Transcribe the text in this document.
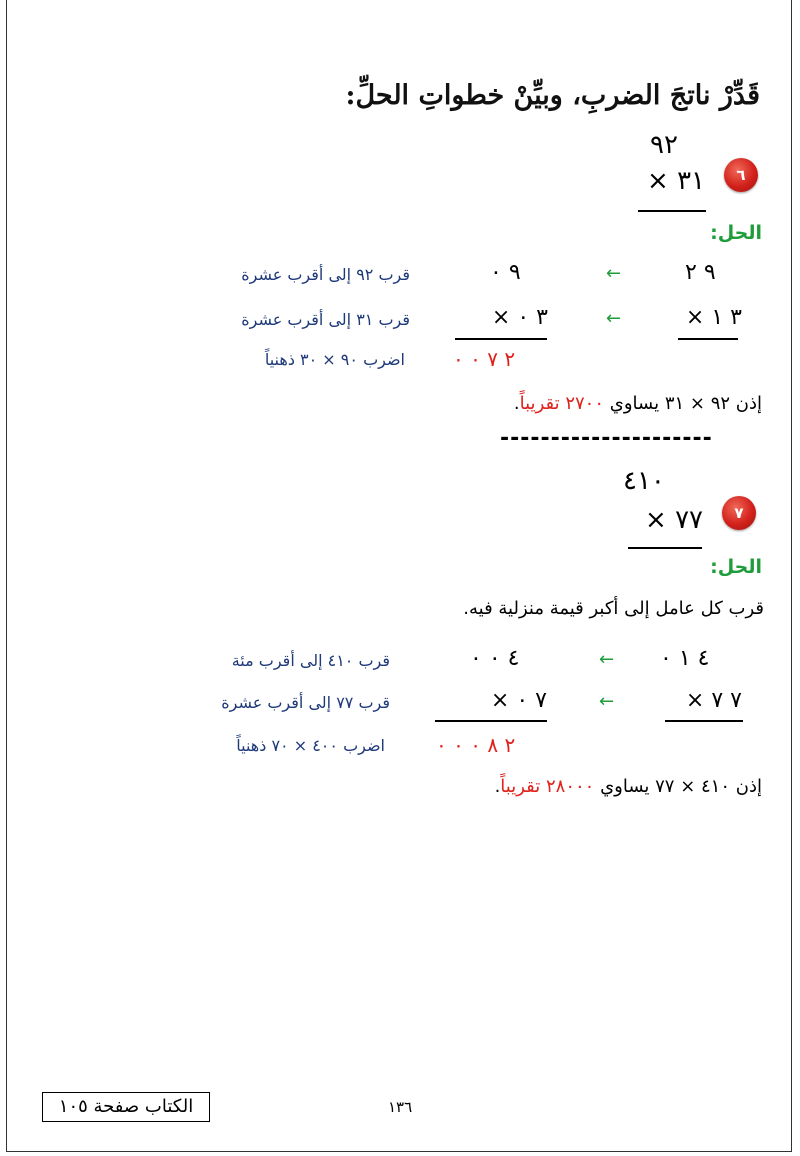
قَدِّرْ ناتجَ الضربِ، وبيِّنْ خطواتِ الحلِّ:
٩٢
٣١ ×	٦
الحل:
قرب ٩٢ إلى أقرب عشرة	٩ ٠	←	٩ ٢
قرب ٣١ إلى أقرب عشرة	٣ ٠ ×	←	٣ ١ ×
اضرب ٩٠ × ٣٠ ذهنياً ٢ ٧ ٠ ٠
إذن ٩٢ × ٣١ يساوي ٢٧٠٠ تقريباً.
---------------------
٤١٠
٧٧ ×	٧
الحل:
قرب كل عامل إلى أكبر قيمة منزلية فيه.
قرب ٤١٠ إلى أقرب مئة	٤ ٠ ٠	← ٤ ١ ٠
قرب ٧٧ إلى أقرب عشرة	٧ ٠ ×	←	٧ ٧ ×
اضرب ٤٠٠ × ٧٠ ذهنياً	٢ ٨ ٠ ٠ ٠
إذن ٤١٠ × ٧٧ يساوي ٢٨٠٠٠ تقريباً.
١٣٦
الكتاب صفحة ١٠٥
